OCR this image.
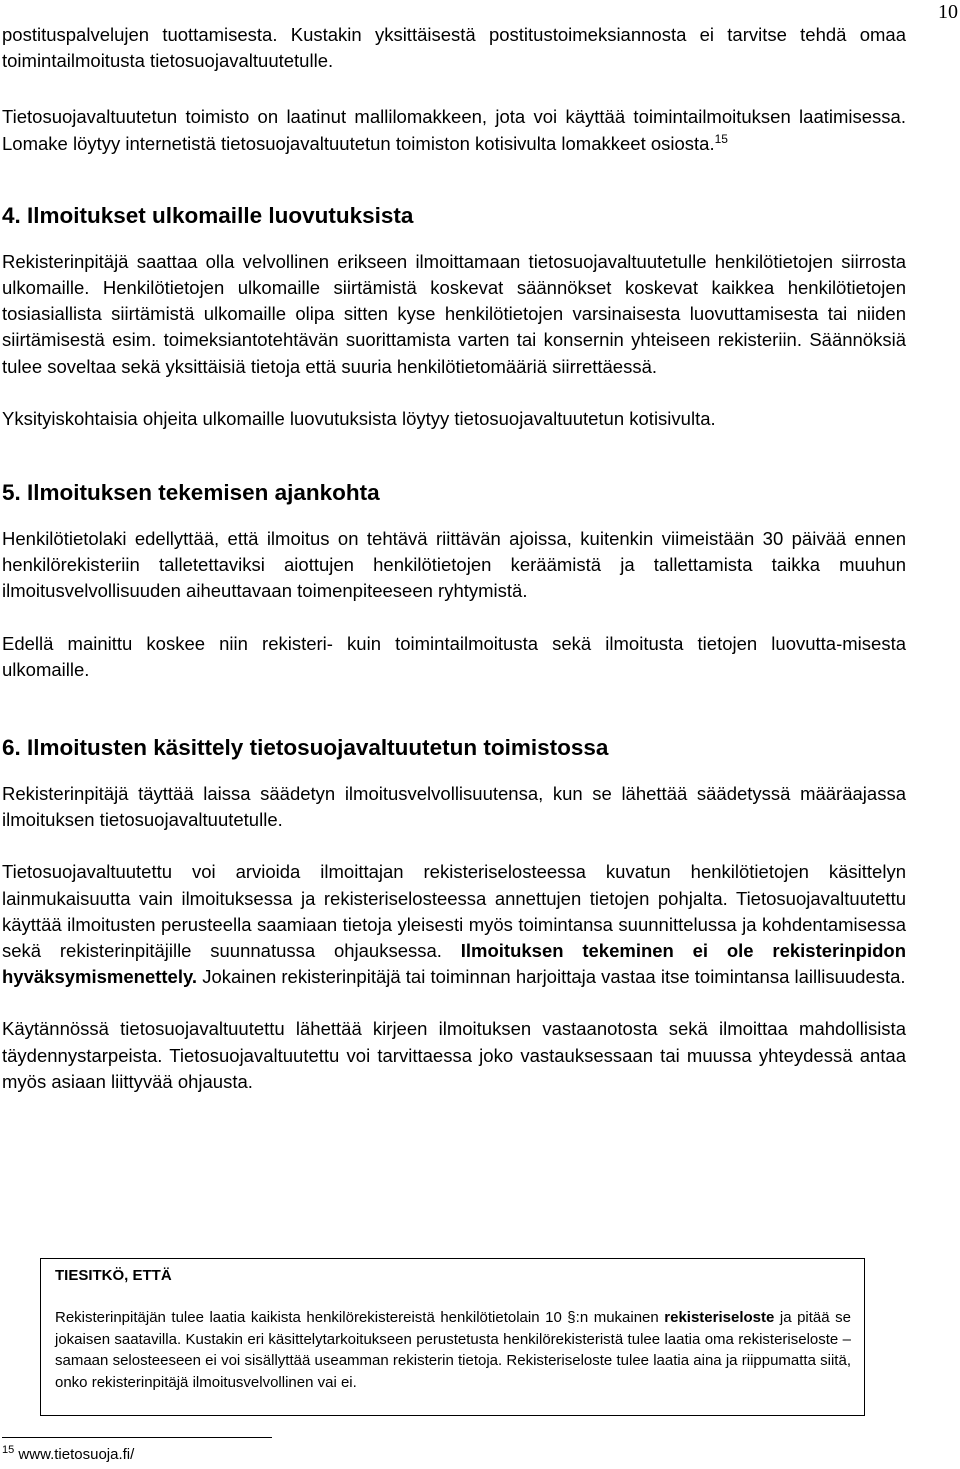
10

postituspalvelujen tuottamisesta. Kustakin yksittäisestä postitustoimeksiannosta ei tarvitse tehdä omaa toimintailmoitusta tietosuojavaltuutetulle.

Tietosuojavaltuutetun toimisto on laatinut mallilomakkeen, jota voi käyttää toimintailmoituksen laatimisessa. Lomake löytyy internetistä tietosuojavaltuutetun toimiston kotisivulta lomakkeet osiosta.$^{15}$

4. Ilmoitukset ulkomaille luovutuksista

Rekisterinpitäjä saattaa olla velvollinen erikseen ilmoittamaan tietosuojavaltuutetulle henkilötietojen siirrosta ulkomaille. Henkilötietojen ulkomaille siirtämistä koskevat säännökset koskevat kaikkea henkilötietojen tosiasiallista siirtämistä ulkomaille olipa sitten kyse henkilötietojen varsinaisesta luovuttamisesta tai niiden siirtämisestä esim. toimeksiantotehtävän suorittamista varten tai konsernin yhteiseen rekisteriin. Säännöksiä tulee soveltaa sekä yksittäisiä tietoja että suuria henkilötietomääriä siirrettäessä.

Yksityiskohtaisia ohjeita ulkomaille luovutuksista löytyy tietosuojavaltuutetun kotisivulta.

5. Ilmoituksen tekemisen ajankohta

Henkilötietolaki edellyttää, että ilmoitus on tehtävä riittävän ajoissa, kuitenkin viimeistään 30 päivää ennen henkilörekisteriin talletettaviksi aiottujen henkilötietojen keräämistä ja tallettamista taikka muuhun ilmoitusvelvollisuuden aiheuttavaan toimenpiteeseen ryhtymistä.

Edellä mainittu koskee niin rekisteri- kuin toimintailmoitusta sekä ilmoitusta tietojen luovutta-misesta ulkomaille.

6. Ilmoitusten käsittely tietosuojavaltuutetun toimistossa

Rekisterinpitäjä täyttää laissa säädetyn ilmoitusvelvollisuutensa, kun se lähettää säädetyssä määräajassa ilmoituksen tietosuojavaltuutetulle.

Tietosuojavaltuutettu voi arvioida ilmoittajan rekisteriselosteessa kuvatun henkilötietojen käsittelyn lainmukaisuutta vain ilmoituksessa ja rekisteriselosteessa annettujen tietojen pohjalta. Tietosuojavaltuutettu käyttää ilmoitusten perusteella saamiaan tietoja yleisesti myös toimintansa suunnittelussa ja kohdentamisessa sekä rekisterinpitäjille suunnatussa ohjauksessa. Ilmoituksen tekeminen ei ole rekisterinpidon hyväksymismenettely. Jokainen rekisterinpitäjä tai toiminnan harjoittaja vastaa itse toimintansa laillisuudesta.

Käytännössä tietosuojavaltuutettu lähettää kirjeen ilmoituksen vastaanotosta sekä ilmoittaa mahdollisista täydennystarpeista. Tietosuojavaltuutettu voi tarvittaessa joko vastauksessaan tai muussa yhteydessä antaa myös asiaan liittyvää ohjausta.

TIESITKÖ, ETTÄ
Rekisterinpitäjän tulee laatia kaikista henkilörekistereistä henkilötietolain 10 §:n mukainen rekisteriseloste ja pitää se jokaisen saatavilla. Kustakin eri käsittelytarkoitukseen perustetusta henkilörekisteristä tulee laatia oma rekisteriseloste – samaan selosteeseen ei voi sisällyttää useamman rekisterin tietoja. Rekisteriseloste tulee laatia aina ja riippumatta siitä, onko rekisterinpitäjä ilmoitusvelvollinen vai ei.
$^{15}$ www.tietosuoja.fi/
